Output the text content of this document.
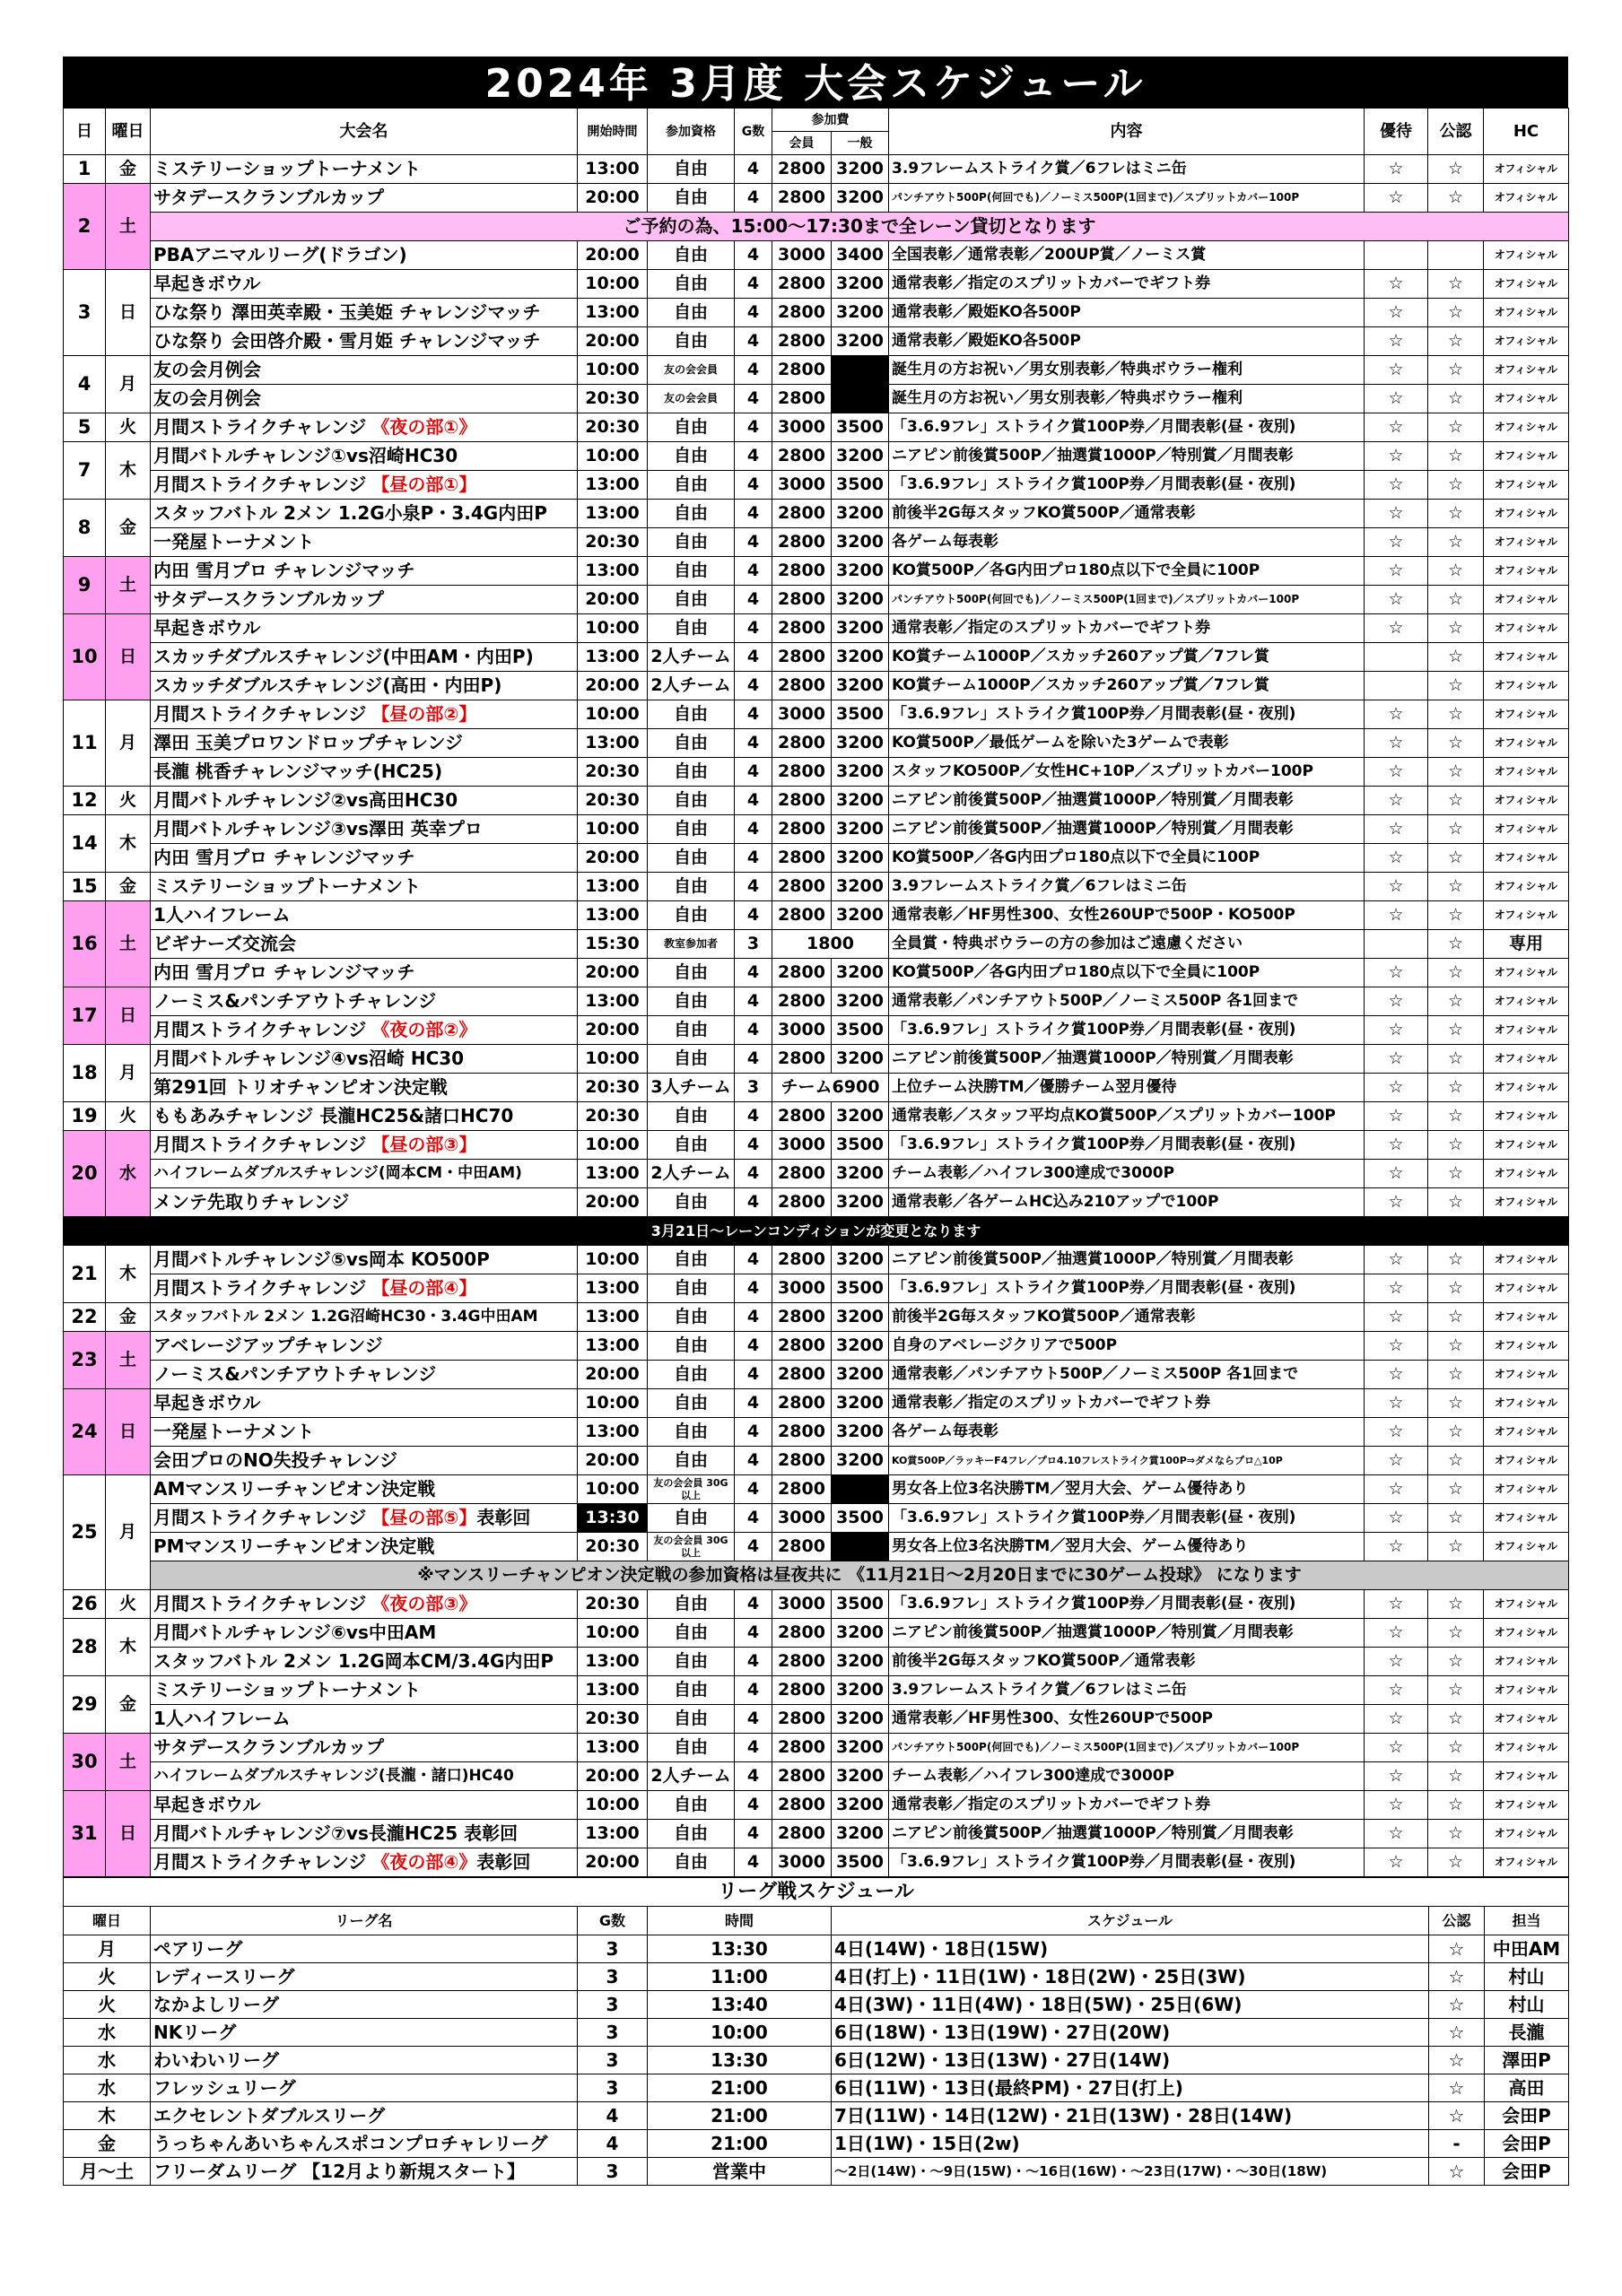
2024年 3月度 大会スケジュール
日	曜日	大会名	開始時間	参加資格	G数	参加費		内容	優待	公認	HC
						会員	一般				
1	金	ミステリーショップトーナメント	13:00	自由	4	2800	3200	3.9フレームストライク賞／6フレはミニ缶	☆	☆	オフィシャル
2	土	サタデースクランブルカップ	20:00	自由	4	2800	3200	パンチアウト500P(何回でも)／ノーミス500P(1回まで)／スプリットカバー100P	☆	☆	オフィシャル
		ご予約の為、15:00～17:30まで全レーン貸切となります									
		PBAアニマルリーグ(ドラゴン)	20:00	自由	4	3000	3400	全国表彰／通常表彰／200UP賞／ノーミス賞			オフィシャル
3	日	早起きボウル	10:00	自由	4	2800	3200	通常表彰／指定のスプリットカバーでギフト券	☆	☆	オフィシャル
		ひな祭り 澤田英幸殿・玉美姫 チャレンジマッチ	13:00	自由	4	2800	3200	通常表彰／殿姫KO各500P	☆	☆	オフィシャル
		ひな祭り 会田啓介殿・雪月姫 チャレンジマッチ	20:00	自由	4	2800	3200	通常表彰／殿姫KO各500P	☆	☆	オフィシャル
4	月	友の会月例会	10:00	友の会会員	4	2800		誕生月の方お祝い／男女別表彰／特典ボウラー権利	☆	☆	オフィシャル
		友の会月例会	20:30	友の会会員	4	2800		誕生月の方お祝い／男女別表彰／特典ボウラー権利	☆	☆	オフィシャル
5	火	月間ストライクチャレンジ 《夜の部①》	20:30	自由	4	3000	3500	「3.6.9フレ」ストライク賞100P券／月間表彰(昼・夜別)	☆	☆	オフィシャル
7	木	月間バトルチャレンジ①vs沼崎HC30	10:00	自由	4	2800	3200	ニアピン前後賞500P／抽選賞1000P／特別賞／月間表彰	☆	☆	オフィシャル
		月間ストライクチャレンジ 【昼の部①】	13:00	自由	4	3000	3500	「3.6.9フレ」ストライク賞100P券／月間表彰(昼・夜別)	☆	☆	オフィシャル
8	金	スタッフバトル 2メン 1.2G小泉P・3.4G内田P	13:00	自由	4	2800	3200	前後半2G毎スタッフKO賞500P／通常表彰	☆	☆	オフィシャル
		一発屋トーナメント	20:30	自由	4	2800	3200	各ゲーム毎表彰	☆	☆	オフィシャル
9	土	内田 雪月プロ チャレンジマッチ	13:00	自由	4	2800	3200	KO賞500P／各G内田プロ180点以下で全員に100P	☆	☆	オフィシャル
		サタデースクランブルカップ	20:00	自由	4	2800	3200	パンチアウト500P(何回でも)／ノーミス500P(1回まで)／スプリットカバー100P	☆	☆	オフィシャル
10	日	早起きボウル	10:00	自由	4	2800	3200	通常表彰／指定のスプリットカバーでギフト券	☆	☆	オフィシャル
		スカッチダブルスチャレンジ(中田AM・内田P)	13:00	2人チーム	4	2800	3200	KO賞チーム1000P／スカッチ260アップ賞／7フレ賞		☆	オフィシャル
		スカッチダブルスチャレンジ(高田・内田P)	20:00	2人チーム	4	2800	3200	KO賞チーム1000P／スカッチ260アップ賞／7フレ賞		☆	オフィシャル
11	月	月間ストライクチャレンジ 【昼の部②】	10:00	自由	4	3000	3500	「3.6.9フレ」ストライク賞100P券／月間表彰(昼・夜別)	☆	☆	オフィシャル
		澤田 玉美プロワンドロップチャレンジ	13:00	自由	4	2800	3200	KO賞500P／最低ゲームを除いた3ゲームで表彰	☆	☆	オフィシャル
		長瀧 桃香チャレンジマッチ(HC25)	20:30	自由	4	2800	3200	スタッフKO500P／女性HC+10P／スプリットカバー100P	☆	☆	オフィシャル
12	火	月間バトルチャレンジ②vs高田HC30	20:30	自由	4	2800	3200	ニアピン前後賞500P／抽選賞1000P／特別賞／月間表彰	☆	☆	オフィシャル
14	木	月間バトルチャレンジ③vs澤田 英幸プロ	10:00	自由	4	2800	3200	ニアピン前後賞500P／抽選賞1000P／特別賞／月間表彰	☆	☆	オフィシャル
		内田 雪月プロ チャレンジマッチ	20:00	自由	4	2800	3200	KO賞500P／各G内田プロ180点以下で全員に100P	☆	☆	オフィシャル
15	金	ミステリーショップトーナメント	13:00	自由	4	2800	3200	3.9フレームストライク賞／6フレはミニ缶	☆	☆	オフィシャル
16	土	1人ハイフレーム	13:00	自由	4	2800	3200	通常表彰／HF男性300、女性260UPで500P・KO500P	☆	☆	オフィシャル
		ビギナーズ交流会	15:30	教室参加者	3	1800		全員賞・特典ボウラーの方の参加はご遠慮ください		☆	専用
		内田 雪月プロ チャレンジマッチ	20:00	自由	4	2800	3200	KO賞500P／各G内田プロ180点以下で全員に100P	☆	☆	オフィシャル
17	日	ノーミス&パンチアウトチャレンジ	13:00	自由	4	2800	3200	通常表彰／パンチアウト500P／ノーミス500P 各1回まで	☆	☆	オフィシャル
		月間ストライクチャレンジ 《夜の部②》	20:00	自由	4	3000	3500	「3.6.9フレ」ストライク賞100P券／月間表彰(昼・夜別)	☆	☆	オフィシャル
18	月	月間バトルチャレンジ④vs沼崎 HC30	10:00	自由	4	2800	3200	ニアピン前後賞500P／抽選賞1000P／特別賞／月間表彰	☆	☆	オフィシャル
		第291回 トリオチャンピオン決定戦	20:30	3人チーム	3	チーム6900		上位チーム決勝TM／優勝チーム翌月優待	☆	☆	オフィシャル
19	火	ももあみチャレンジ 長瀧HC25&諸口HC70	20:30	自由	4	2800	3200	通常表彰／スタッフ平均点KO賞500P／スプリットカバー100P	☆	☆	オフィシャル
20	水	月間ストライクチャレンジ 【昼の部③】	10:00	自由	4	3000	3500	「3.6.9フレ」ストライク賞100P券／月間表彰(昼・夜別)	☆	☆	オフィシャル
		ハイフレームダブルスチャレンジ(岡本CM・中田AM)	13:00	2人チーム	4	2800	3200	チーム表彰／ハイフレ300達成で3000P	☆	☆	オフィシャル
		メンテ先取りチャレンジ	20:00	自由	4	2800	3200	通常表彰／各ゲームHC込み210アップで100P	☆	☆	オフィシャル
3月21日～レーンコンディションが変更となります											
21	木	月間バトルチャレンジ⑤vs岡本 KO500P	10:00	自由	4	2800	3200	ニアピン前後賞500P／抽選賞1000P／特別賞／月間表彰	☆	☆	オフィシャル
		月間ストライクチャレンジ 【昼の部④】	13:00	自由	4	3000	3500	「3.6.9フレ」ストライク賞100P券／月間表彰(昼・夜別)	☆	☆	オフィシャル
22	金	スタッフバトル 2メン 1.2G沼崎HC30・3.4G中田AM	13:00	自由	4	2800	3200	前後半2G毎スタッフKO賞500P／通常表彰	☆	☆	オフィシャル
23	土	アベレージアップチャレンジ	13:00	自由	4	2800	3200	自身のアベレージクリアで500P	☆	☆	オフィシャル
		ノーミス&パンチアウトチャレンジ	20:00	自由	4	2800	3200	通常表彰／パンチアウト500P／ノーミス500P 各1回まで	☆	☆	オフィシャル
24	日	早起きボウル	10:00	自由	4	2800	3200	通常表彰／指定のスプリットカバーでギフト券	☆	☆	オフィシャル
		一発屋トーナメント	13:00	自由	4	2800	3200	各ゲーム毎表彰	☆	☆	オフィシャル
		会田プロのNO失投チャレンジ	20:00	自由	4	2800	3200	KO賞500P／ラッキーF4フレ／プロ4.10フレストライク賞100P⇒ダメならプロ△10P	☆	☆	オフィシャル
25	月	AMマンスリーチャンピオン決定戦	10:00	友の会会員 30G以上	4	2800		男女各上位3名決勝TM／翌月大会、ゲーム優待あり	☆	☆	オフィシャル
		月間ストライクチャレンジ 【昼の部⑤】表彰回	13:30	自由	4	3000	3500	「3.6.9フレ」ストライク賞100P券／月間表彰(昼・夜別)	☆	☆	オフィシャル
		PMマンスリーチャンピオン決定戦	20:30	友の会会員 30G以上	4	2800		男女各上位3名決勝TM／翌月大会、ゲーム優待あり	☆	☆	オフィシャル
		※マンスリーチャンピオン決定戦の参加資格は昼夜共に 《11月21日～2月20日までに30ゲーム投球》 になります									
26	火	月間ストライクチャレンジ 《夜の部③》	20:30	自由	4	3000	3500	「3.6.9フレ」ストライク賞100P券／月間表彰(昼・夜別)	☆	☆	オフィシャル
28	木	月間バトルチャレンジ⑥vs中田AM	10:00	自由	4	2800	3200	ニアピン前後賞500P／抽選賞1000P／特別賞／月間表彰	☆	☆	オフィシャル
		スタッフバトル 2メン 1.2G岡本CM/3.4G内田P	13:00	自由	4	2800	3200	前後半2G毎スタッフKO賞500P／通常表彰	☆	☆	オフィシャル
29	金	ミステリーショップトーナメント	13:00	自由	4	2800	3200	3.9フレームストライク賞／6フレはミニ缶	☆	☆	オフィシャル
		1人ハイフレーム	20:30	自由	4	2800	3200	通常表彰／HF男性300、女性260UPで500P	☆	☆	オフィシャル
30	土	サタデースクランブルカップ	13:00	自由	4	2800	3200	パンチアウト500P(何回でも)／ノーミス500P(1回まで)／スプリットカバー100P	☆	☆	オフィシャル
		ハイフレームダブルスチャレンジ(長瀧・諸口)HC40	20:00	2人チーム	4	2800	3200	チーム表彰／ハイフレ300達成で3000P	☆	☆	オフィシャル
31	日	早起きボウル	10:00	自由	4	2800	3200	通常表彰／指定のスプリットカバーでギフト券	☆	☆	オフィシャル
		月間バトルチャレンジ⑦vs長瀧HC25 表彰回	13:00	自由	4	2800	3200	ニアピン前後賞500P／抽選賞1000P／特別賞／月間表彰	☆	☆	オフィシャル
		月間ストライクチャレンジ 《夜の部④》表彰回	20:00	自由	4	3000	3500	「3.6.9フレ」ストライク賞100P券／月間表彰(昼・夜別)	☆	☆	オフィシャル
リーグ戦スケジュール						
曜日	リーグ名	G数	時間	スケジュール	公認	担当
月	ペアリーグ	3	13:30	4日(14W)・18日(15W)	☆	中田AM
火	レディースリーグ	3	11:00	4日(打上)・11日(1W)・18日(2W)・25日(3W)	☆	村山
火	なかよしリーグ	3	13:40	4日(3W)・11日(4W)・18日(5W)・25日(6W)	☆	村山
水	NKリーグ	3	10:00	6日(18W)・13日(19W)・27日(20W)	☆	長瀧
水	わいわいリーグ	3	13:30	6日(12W)・13日(13W)・27日(14W)	☆	澤田P
水	フレッシュリーグ	3	21:00	6日(11W)・13日(最終PM)・27日(打上)	☆	高田
木	エクセレントダブルスリーグ	4	21:00	7日(11W)・14日(12W)・21日(13W)・28日(14W)	☆	会田P
金	うっちゃんあいちゃんスポコンプロチャレリーグ	4	21:00	1日(1W)・15日(2w)	-	会田P
月～土	フリーダムリーグ 【12月より新規スタート】	3	営業中	～2日(14W)・～9日(15W)・～16日(16W)・～23日(17W)・～30日(18W)	☆	会田P
